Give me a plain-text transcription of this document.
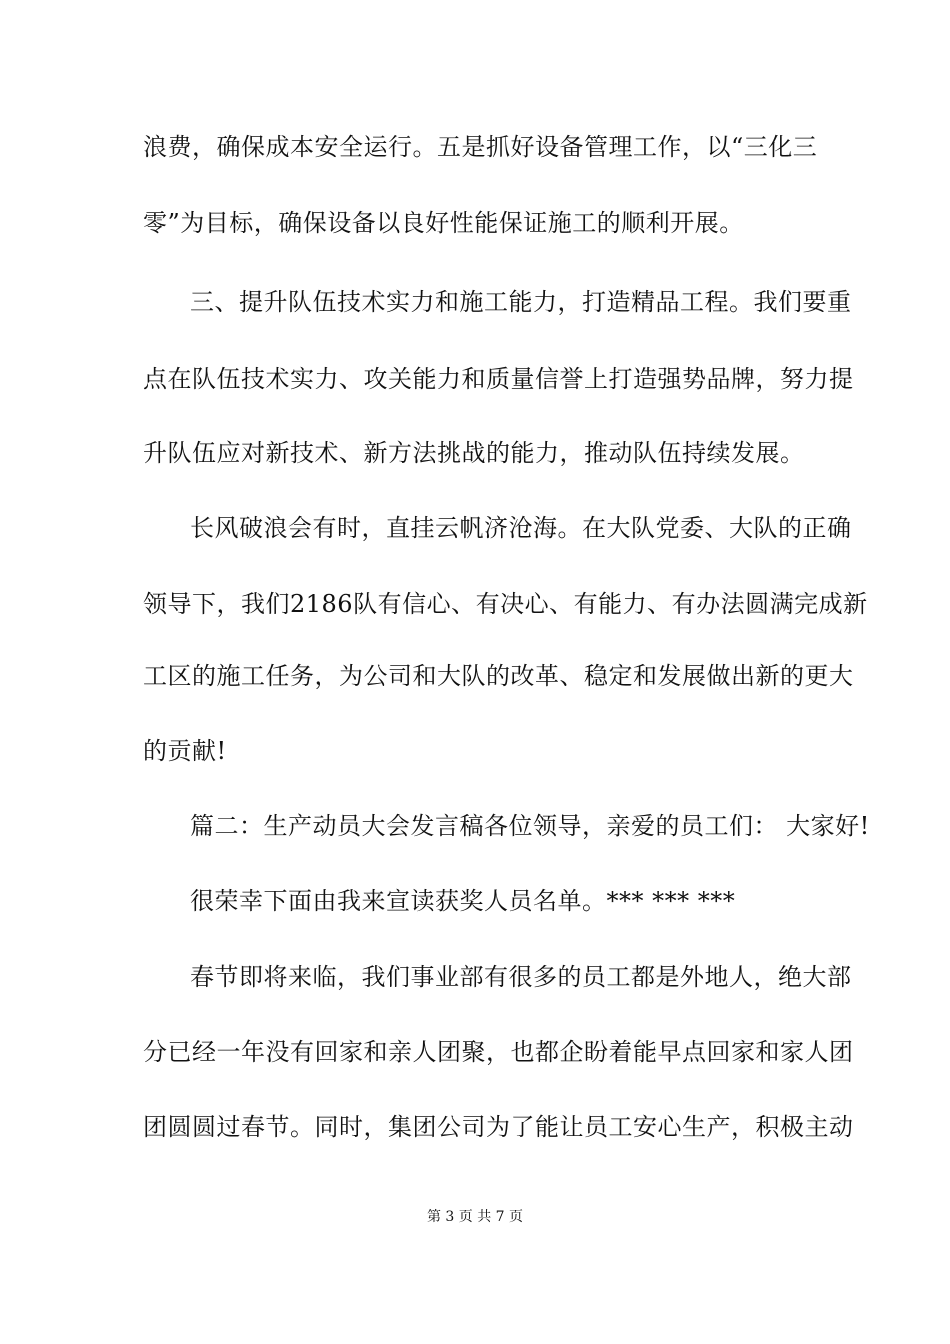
浪费，确保成本安全运行。五是抓好设备管理工作，以“三化三
零”为目标，确保设备以良好性能保证施工的顺利开展。
三、提升队伍技术实力和施工能力，打造精品工程。我们要重
点在队伍技术实力、攻关能力和质量信誉上打造强势品牌，努力提
升队伍应对新技术、新方法挑战的能力，推动队伍持续发展。
长风破浪会有时，直挂云帆济沧海。在大队党委、大队的正确
领导下，我们2186队有信心、有决心、有能力、有办法圆满完成新
工区的施工任务，为公司和大队的改革、稳定和发展做出新的更大
的贡献!
篇二：生产动员大会发言稿各位领导，亲爱的员工们： 大家好!
很荣幸下面由我来宣读获奖人员名单。*** *** ***
春节即将来临，我们事业部有很多的员工都是外地人，绝大部
分已经一年没有回家和亲人团聚，也都企盼着能早点回家和家人团
团圆圆过春节。同时，集团公司为了能让员工安心生产，积极主动
第 3 页 共 7 页
